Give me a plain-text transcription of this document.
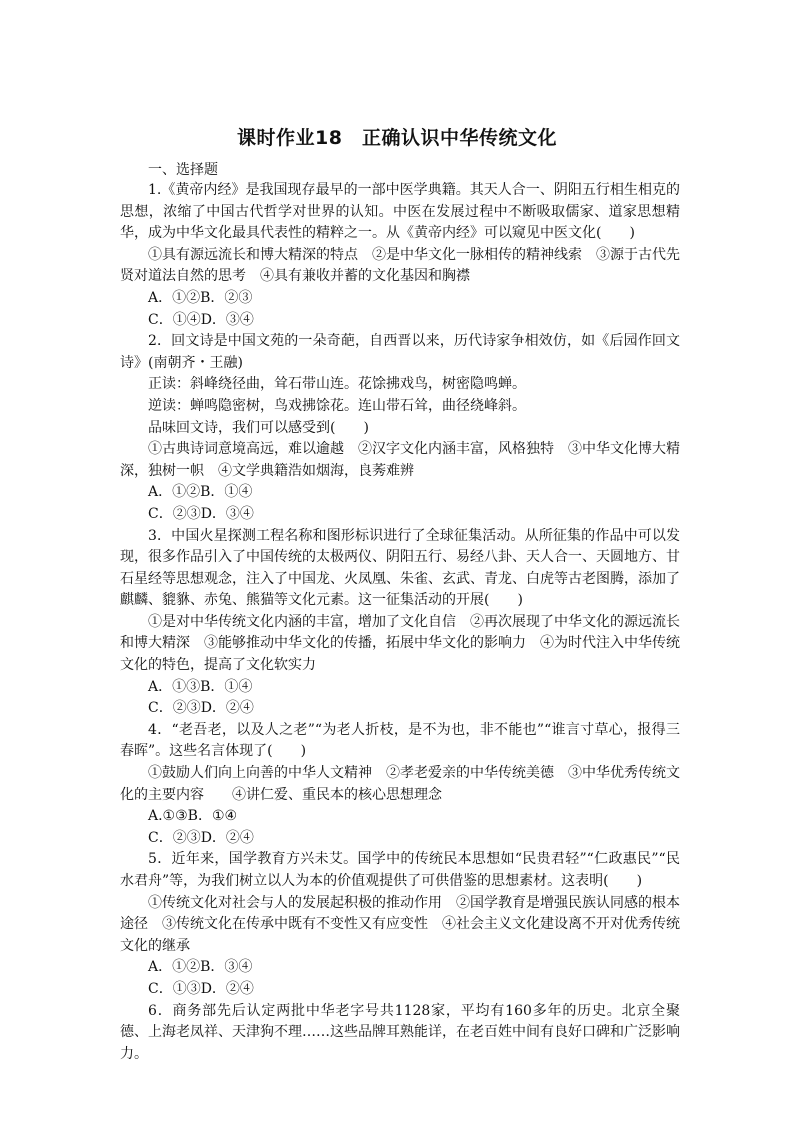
课时作业18　正确认识中华传统文化
一、选择题

1.《黄帝内经》是我国现存最早的一部中医学典籍。其天人合一、阴阳五行相生相克的思想，浓缩了中国古代哲学对世界的认知。中医在发展过程中不断吸取儒家、道家思想精华，成为中华文化最具代表性的精粹之一。从《黄帝内经》可以窥见中医文化(　　)

①具有源远流长和博大精深的特点　②是中华文化一脉相传的精神线索　③源于古代先贤对道法自然的思考　④具有兼收并蓄的文化基因和胸襟

A．①②B．②③

C．①④D．③④

2．回文诗是中国文苑的一朵奇葩，自西晋以来，历代诗家争相效仿，如《后园作回文诗》(南朝齐・王融)

正读：斜峰绕径曲，耸石带山连。花馀拂戏鸟，树密隐鸣蝉。

逆读：蝉鸣隐密树，鸟戏拂馀花。连山带石耸，曲径绕峰斜。

品味回文诗，我们可以感受到(　　)

①古典诗词意境高远，难以逾越　②汉字文化内涵丰富，风格独特　③中华文化博大精深，独树一帜　④文学典籍浩如烟海，良莠难辨

A．①②B．①④

C．②③D．③④

3．中国火星探测工程名称和图形标识进行了全球征集活动。从所征集的作品中可以发现，很多作品引入了中国传统的太极两仪、阴阳五行、易经八卦、天人合一、天圆地方、甘石星经等思想观念，注入了中国龙、火凤凰、朱雀、玄武、青龙、白虎等古老图腾，添加了麒麟、貔貅、赤兔、熊猫等文化元素。这一征集活动的开展(　　)

①是对中华传统文化内涵的丰富，增加了文化自信　②再次展现了中华文化的源远流长和博大精深　③能够推动中华文化的传播，拓展中华文化的影响力　④为时代注入中华传统文化的特色，提高了文化软实力

A．①③B．①④

C．②③D．②④

4．“老吾老，以及人之老”“为老人折枝，是不为也，非不能也”“谁言寸草心，报得三春晖”。这些名言体现了(　　)

①鼓励人们向上向善的中华人文精神　②孝老爱亲的中华传统美德　③中华优秀传统文化的主要内容　　④讲仁爱、重民本的核心思想理念

A.①③B．①④

C．②③D．②④

5．近年来，国学教育方兴未艾。国学中的传统民本思想如“民贵君轻”“仁政惠民”“民水君舟”等，为我们树立以人为本的价值观提供了可供借鉴的思想素材。这表明(　　)

①传统文化对社会与人的发展起积极的推动作用　②国学教育是增强民族认同感的根本途径　③传统文化在传承中既有不变性又有应变性　④社会主义文化建设离不开对优秀传统文化的继承

A．①②B．③④

C．①③D．②④

6．商务部先后认定两批中华老字号共1128家，平均有160多年的历史。北京全聚德、上海老凤祥、天津狗不理……这些品牌耳熟能详，在老百姓中间有良好口碑和广泛影响力。
